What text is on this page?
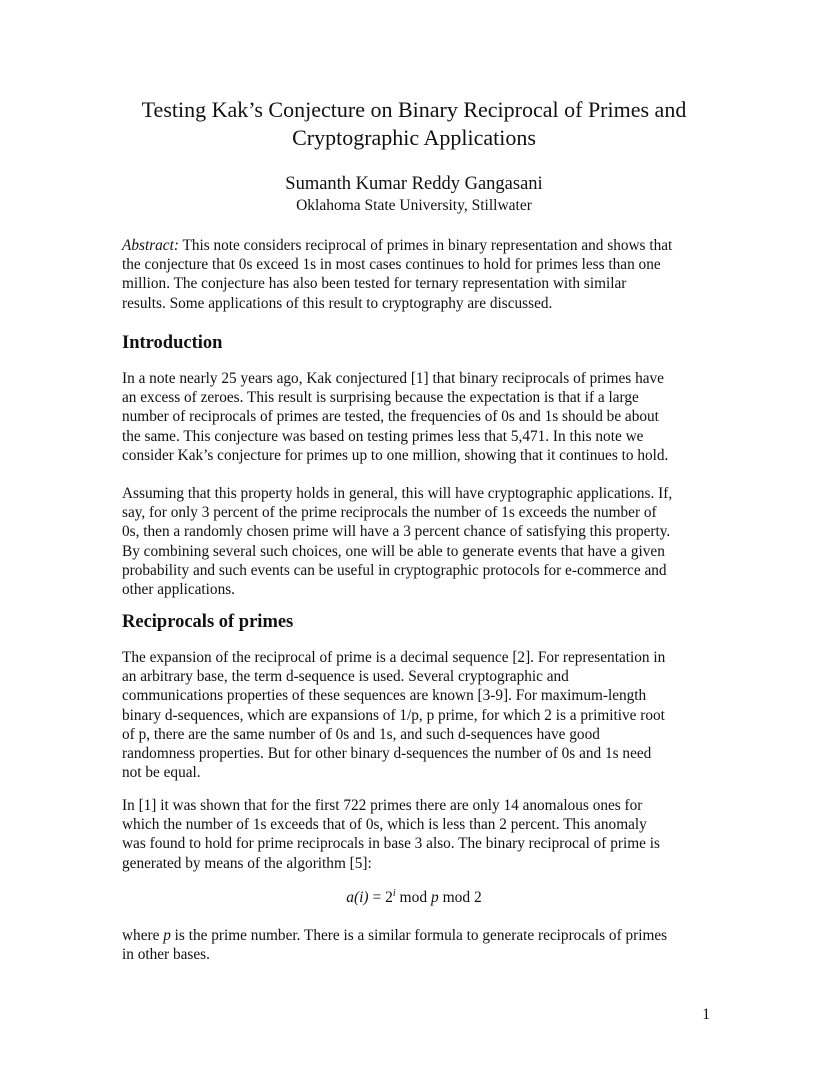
Testing Kak’s Conjecture on Binary Reciprocal of Primes and
Cryptographic Applications
Sumanth Kumar Reddy Gangasani
Oklahoma State University, Stillwater
Abstract: This note considers reciprocal of primes in binary representation and shows that
the conjecture that 0s exceed 1s in most cases continues to hold for primes less than one
million. The conjecture has also been tested for ternary representation with similar
results. Some applications of this result to cryptography are discussed.
Introduction
In a note nearly 25 years ago, Kak conjectured [1] that binary reciprocals of primes have
an excess of zeroes. This result is surprising because the expectation is that if a large
number of reciprocals of primes are tested, the frequencies of 0s and 1s should be about
the same. This conjecture was based on testing primes less that 5,471. In this note we
consider Kak’s conjecture for primes up to one million, showing that it continues to hold.
Assuming that this property holds in general, this will have cryptographic applications. If,
say, for only 3 percent of the prime reciprocals the number of 1s exceeds the number of
0s, then a randomly chosen prime will have a 3 percent chance of satisfying this property.
By combining several such choices, one will be able to generate events that have a given
probability and such events can be useful in cryptographic protocols for e-commerce and
other applications.
Reciprocals of primes
The expansion of the reciprocal of prime is a decimal sequence [2]. For representation in
an arbitrary base, the term d-sequence is used. Several cryptographic and
communications properties of these sequences are known [3-9]. For maximum-length
binary d-sequences, which are expansions of 1/p, p prime, for which 2 is a primitive root
of p, there are the same number of 0s and 1s, and such d-sequences have good
randomness properties. But for other binary d-sequences the number of 0s and 1s need
not be equal.
In [1] it was shown that for the first 722 primes there are only 14 anomalous ones for
which the number of 1s exceeds that of 0s, which is less than 2 percent. This anomaly
was found to hold for prime reciprocals in base 3 also. The binary reciprocal of prime is
generated by means of the algorithm [5]:
$a(i) = 2^i$ mod p mod 2
where p is the prime number. There is a similar formula to generate reciprocals of primes
in other bases.
1
